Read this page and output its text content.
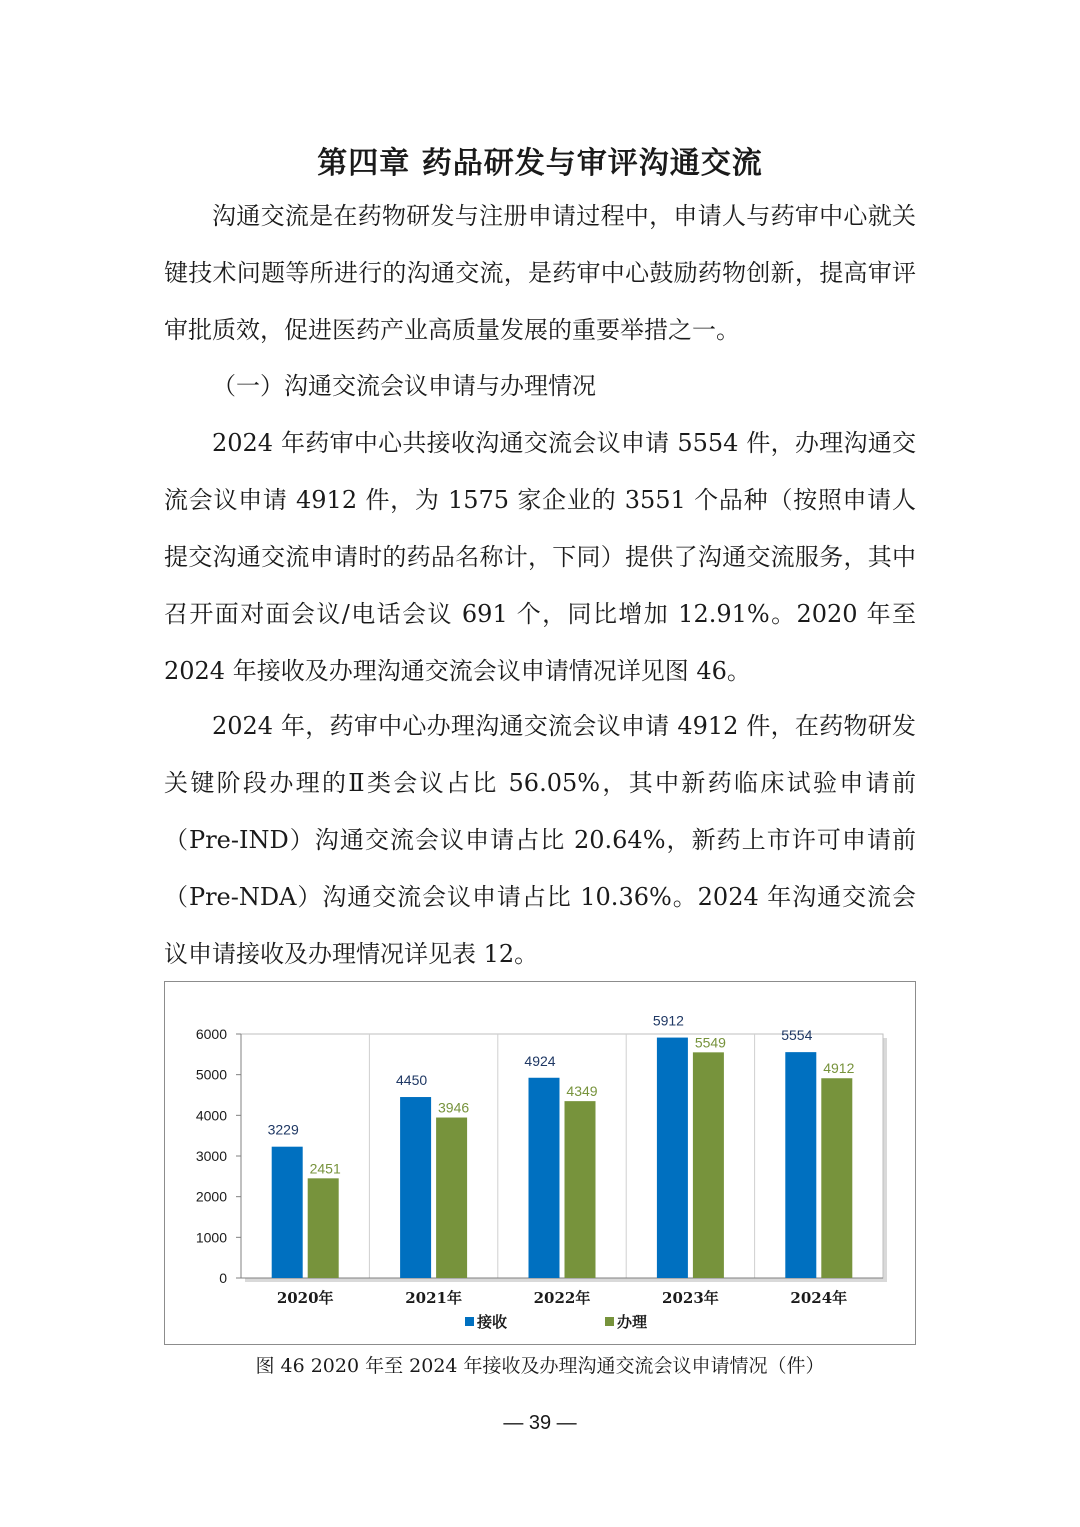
第四章 药品研发与审评沟通交流

沟通交流是在药物研发与注册申请过程中，申请人与药审中心就关键技术问题等所进行的沟通交流，是药审中心鼓励药物创新，提高审评审批质效，促进医药产业高质量发展的重要举措之一。

（一）沟通交流会议申请与办理情况

2024 年药审中心共接收沟通交流会议申请 5554 件，办理沟通交流会议申请 4912 件，为 1575 家企业的 3551 个品种（按照申请人提交沟通交流申请时的药品名称计，下同）提供了沟通交流服务，其中召开面对面会议/电话会议 691 个，同比增加 12.91%。2020 年至 2024 年接收及办理沟通交流会议申请情况详见图 46。

2024 年，药审中心办理沟通交流会议申请 4912 件，在药物研发关键阶段办理的Ⅱ类会议占比 56.05%，其中新药临床试验申请前（Pre-IND）沟通交流会议申请占比 20.64%，新药上市许可申请前（Pre-NDA）沟通交流会议申请占比 10.36%。2024 年沟通交流会议申请接收及办理情况详见表 12。

0
1000
2000
3000
4000
5000
6000
3229
2451
2020年
4450
3946
2021年
4924
4349
2022年
5912
5549
2023年
5554
4912
2024年
接收	办理
图 46 2020 年至 2024 年接收及办理沟通交流会议申请情况（件）
— 39 —
